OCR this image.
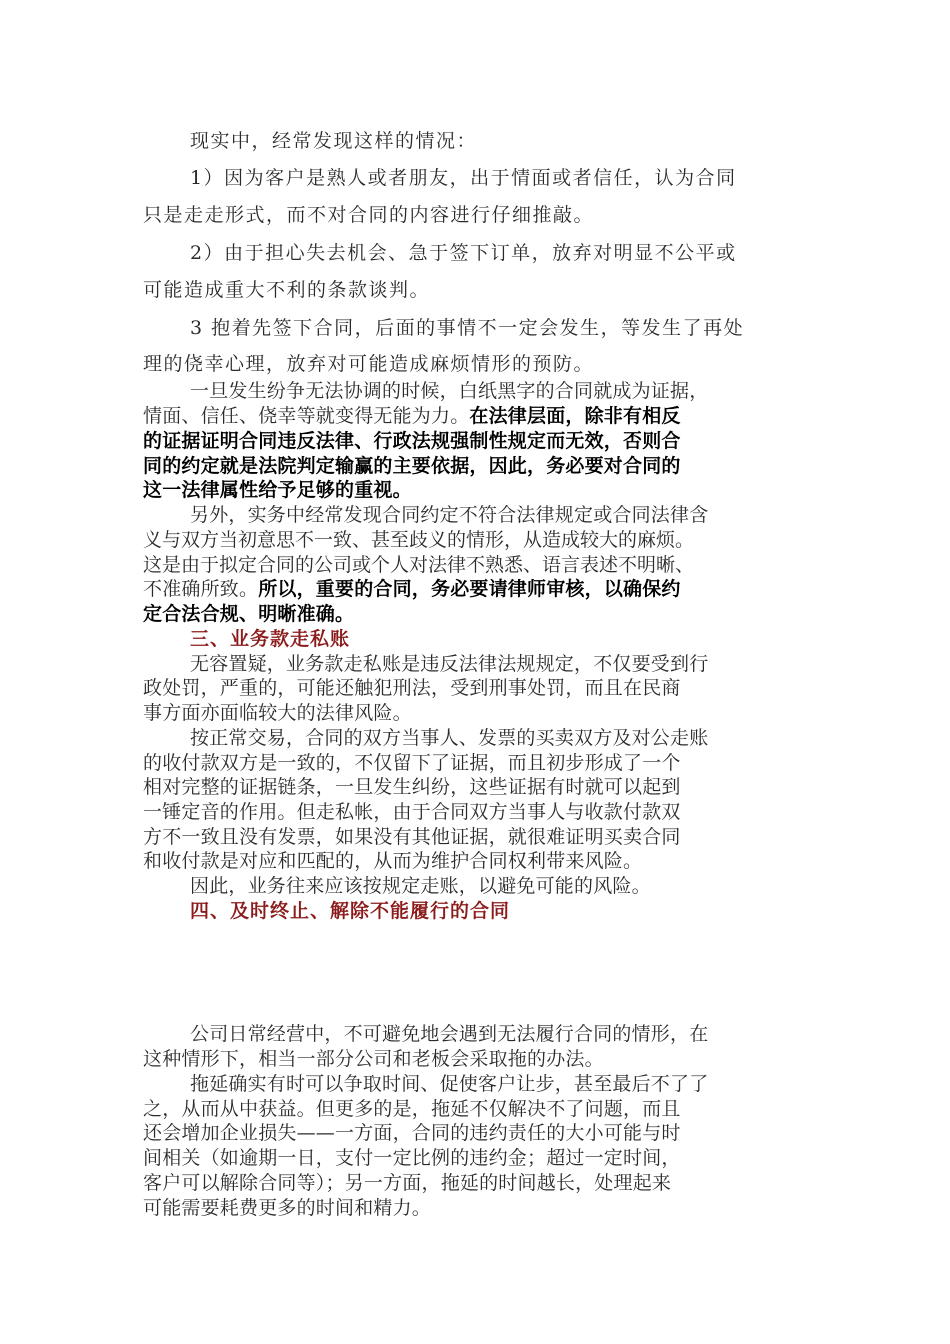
现实中，经常发现这样的情况：

1）因为客户是熟人或者朋友，出于情面或者信任，认为合同

只是走走形式，而不对合同的内容进行仔细推敲。

2）由于担心失去机会、急于签下订单，放弃对明显不公平或

可能造成重大不利的条款谈判。

3 抱着先签下合同，后面的事情不一定会发生，等发生了再处

理的侥幸心理，放弃对可能造成麻烦情形的预防。

一旦发生纷争无法协调的时候，白纸黑字的合同就成为证据，

情面、信任、侥幸等就变得无能为力。在法律层面，除非有相反

的证据证明合同违反法律、行政法规强制性规定而无效，否则合

同的约定就是法院判定输赢的主要依据，因此，务必要对合同的

这一法律属性给予足够的重视。

另外，实务中经常发现合同约定不符合法律规定或合同法律含

义与双方当初意思不一致、甚至歧义的情形，从造成较大的麻烦。

这是由于拟定合同的公司或个人对法律不熟悉、语言表述不明晰、

不准确所致。所以，重要的合同，务必要请律师审核，以确保约

定合法合规、明晰准确。

三、业务款走私账

无容置疑，业务款走私账是违反法律法规规定，不仅要受到行

政处罚，严重的，可能还触犯刑法，受到刑事处罚，而且在民商

事方面亦面临较大的法律风险。

按正常交易，合同的双方当事人、发票的买卖双方及对公走账

的收付款双方是一致的，不仅留下了证据，而且初步形成了一个

相对完整的证据链条，一旦发生纠纷，这些证据有时就可以起到

一锤定音的作用。但走私帐，由于合同双方当事人与收款付款双

方不一致且没有发票，如果没有其他证据，就很难证明买卖合同

和收付款是对应和匹配的，从而为维护合同权利带来风险。

因此，业务往来应该按规定走账，以避免可能的风险。

四、及时终止、解除不能履行的合同

公司日常经营中，不可避免地会遇到无法履行合同的情形，在

这种情形下，相当一部分公司和老板会采取拖的办法。

拖延确实有时可以争取时间、促使客户让步，甚至最后不了了

之，从而从中获益。但更多的是，拖延不仅解决不了问题，而且

还会增加企业损失——一方面，合同的违约责任的大小可能与时

间相关（如逾期一日，支付一定比例的违约金；超过一定时间，

客户可以解除合同等）；另一方面，拖延的时间越长，处理起来

可能需要耗费更多的时间和精力。
